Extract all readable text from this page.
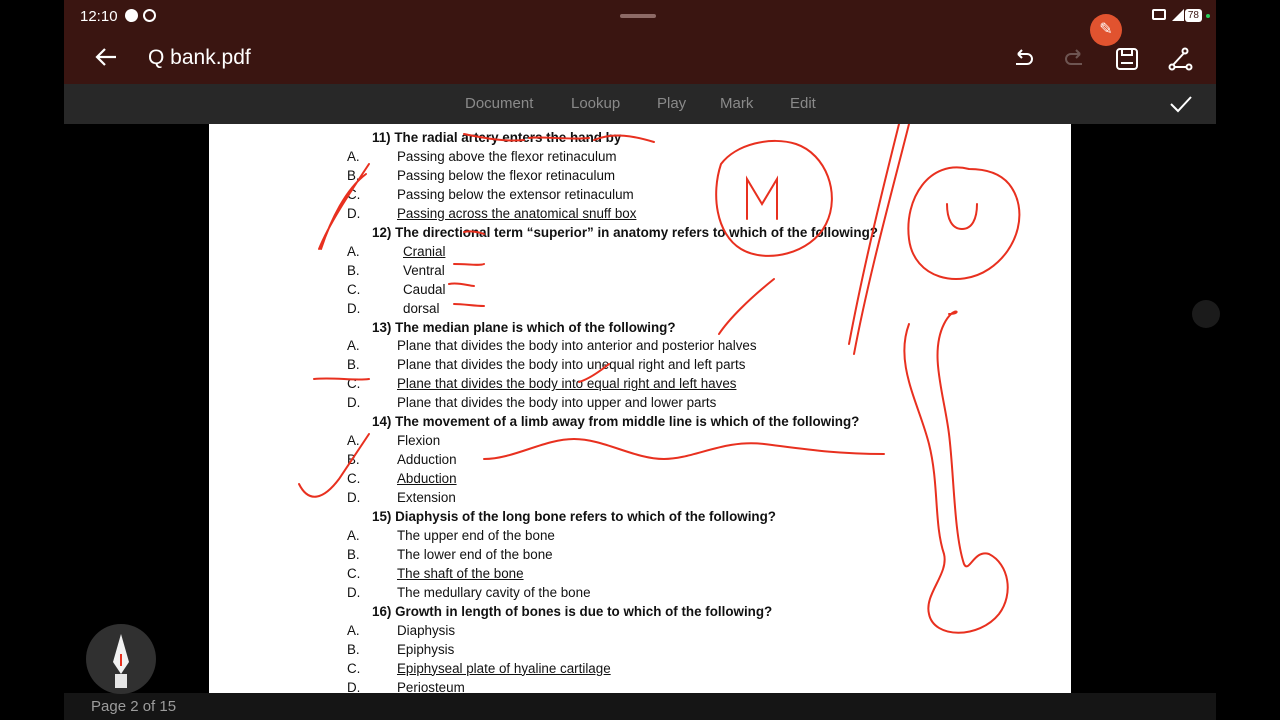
12:10	78
Q bank.pdf
✎
Document	Lookup Play Mark Edit
D.	Periosteum
C.	Epiphyseal plate of hyaline cartilage
B.	Epiphysis
A.	Diaphysis
16) Growth in length of bones is due to which of the following?
D.	The medullary cavity of the bone
C.	The shaft of the bone
B.	The lower end of the bone
A.	The upper end of the bone
15) Diaphysis of the long bone refers to which of the following?
D.	Extension
C.	Abduction
B.	Adduction
A.	Flexion
14) The movement of a limb away from middle line is which of the following?
D.	Plane that divides the body into upper and lower parts
C.	Plane that divides the body into equal right and left haves
B.	Plane that divides the body into unequal right and left parts
A.	Plane that divides the body into anterior and posterior halves
13) The median plane is which of the following?
D.	dorsal
C.	Caudal
B.	Ventral
A.	Cranial
12) The directional term “superior” in anatomy refers to which of the following?
D.	Passing across the anatomical snuff box
C.	Passing below the extensor retinaculum
B.	Passing below the flexor retinaculum
A.	Passing above the flexor retinaculum
11) The radial artery enters the hand by
Page 2 of 15
